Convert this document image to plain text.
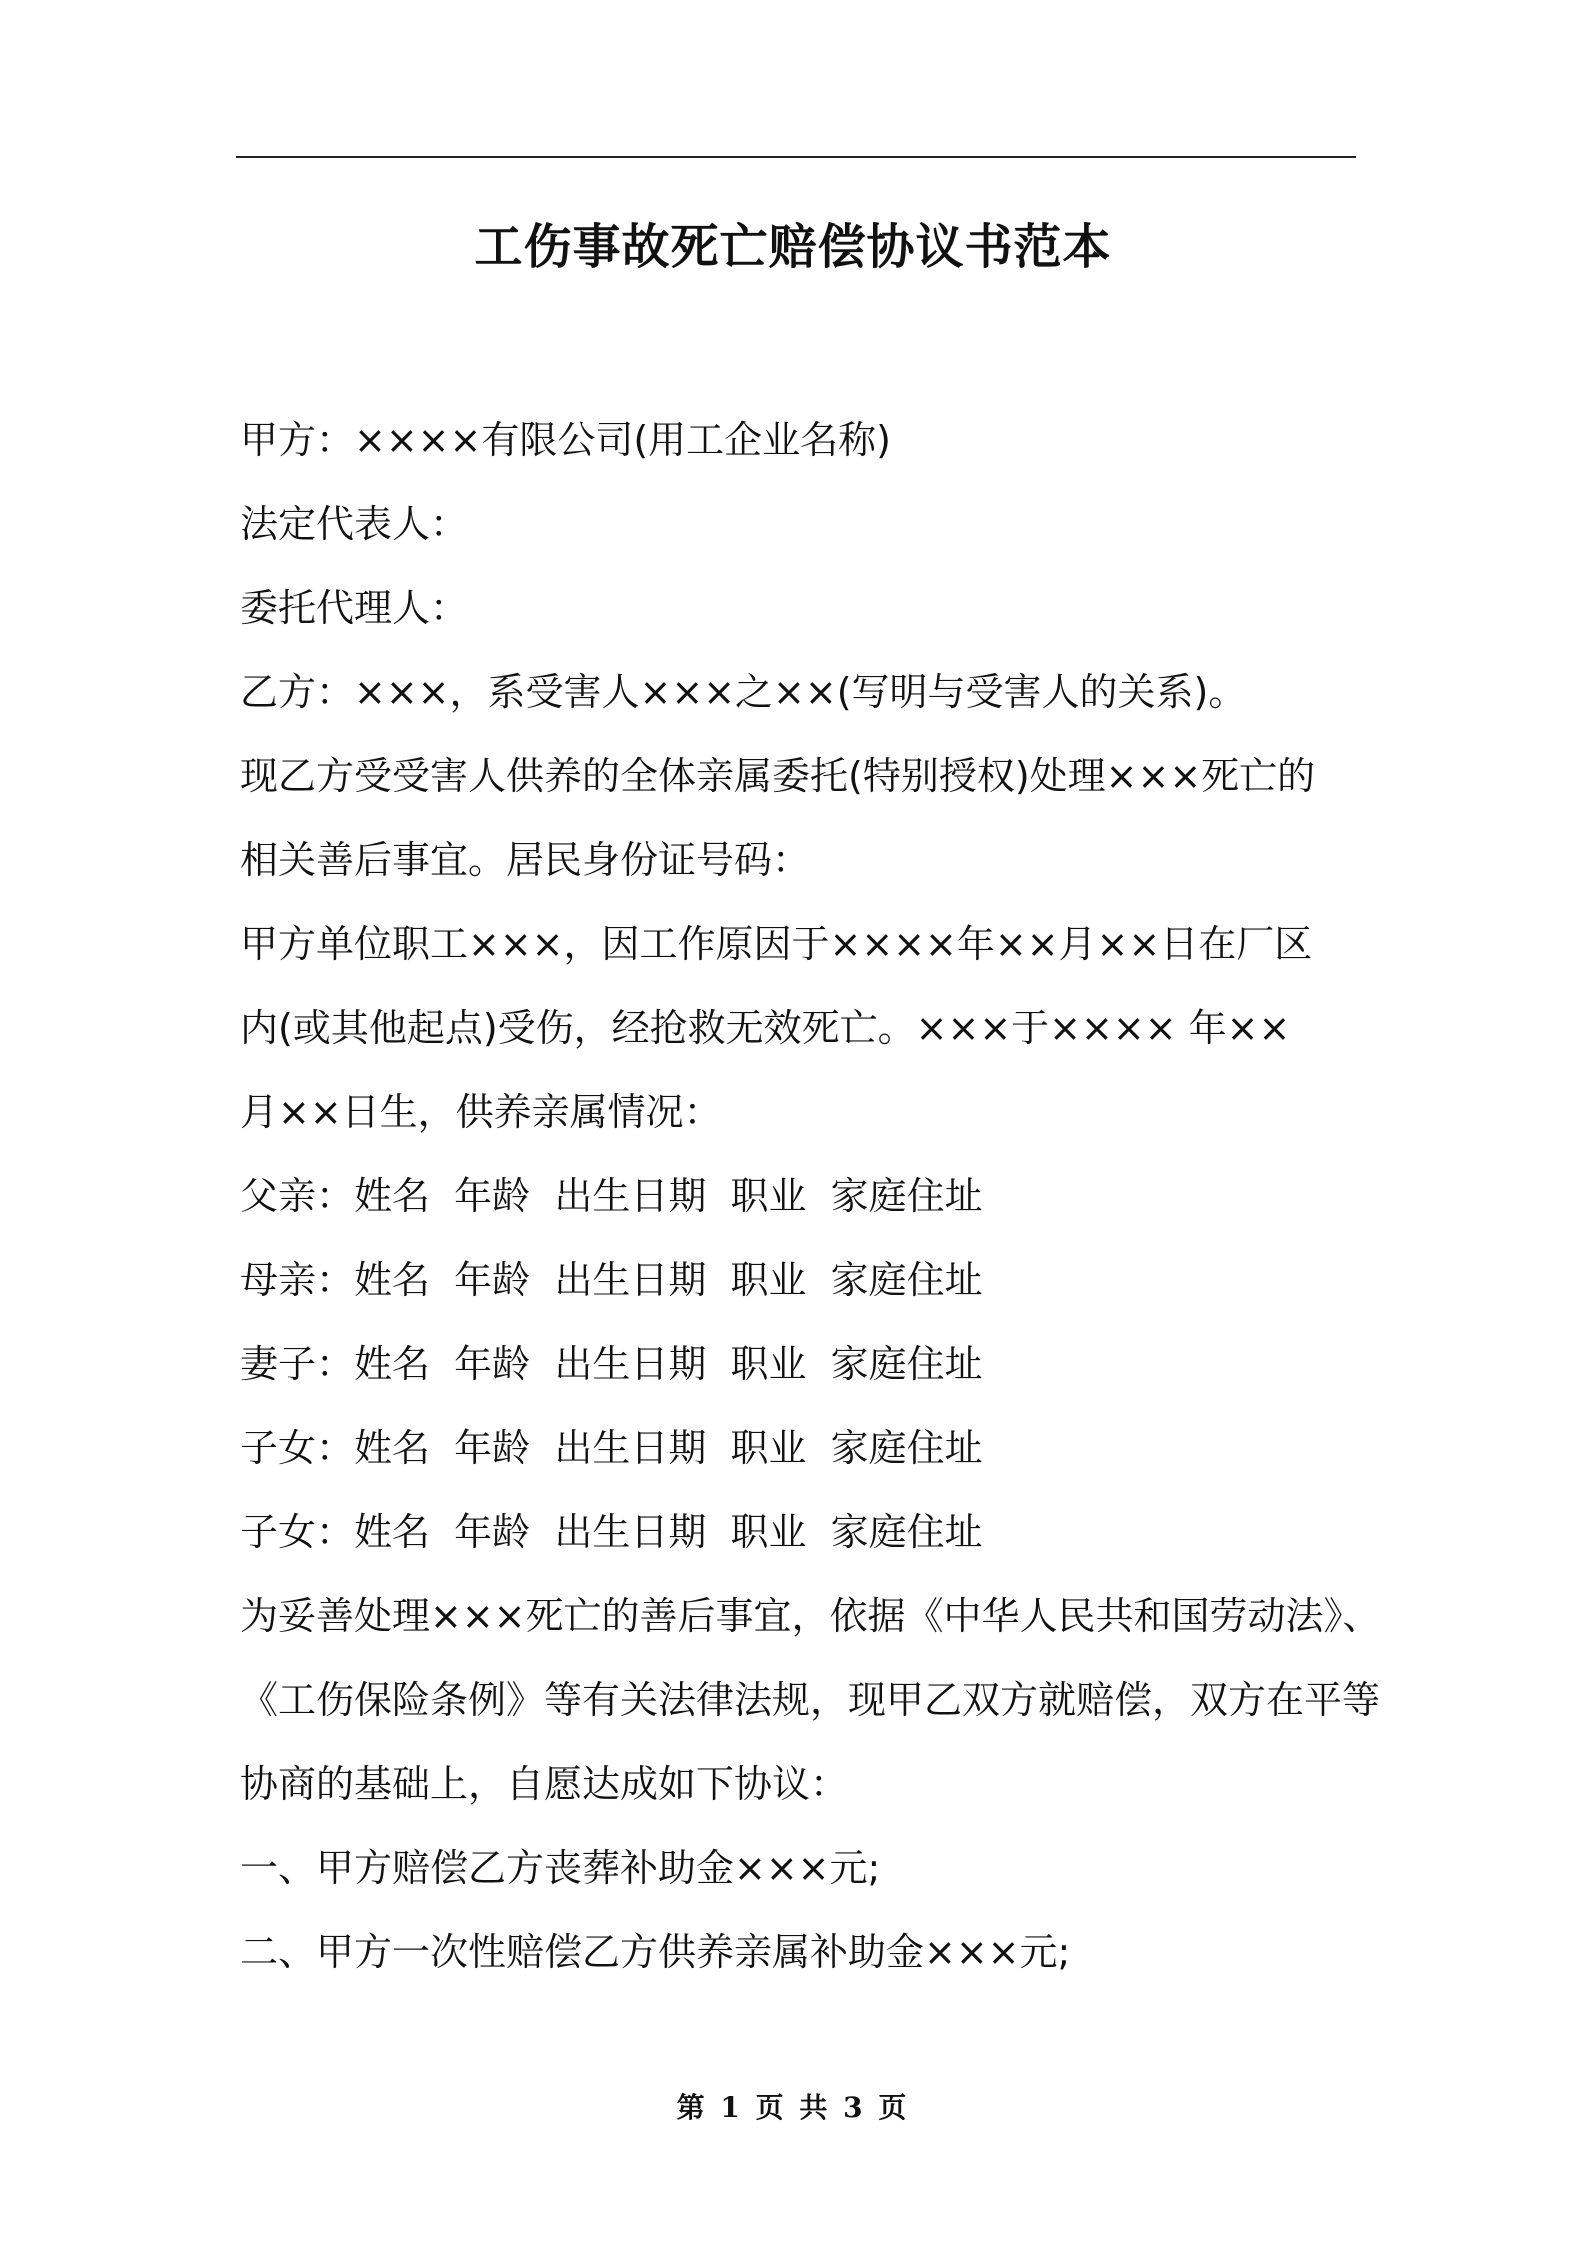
工伤事故死亡赔偿协议书范本
甲方：××××有限公司(用工企业名称)
法定代表人：
委托代理人：
乙方：×××，系受害人×××之××(写明与受害人的关系)。
现乙方受受害人供养的全体亲属委托(特别授权)处理×××死亡的
相关善后事宜。居民身份证号码：
甲方单位职工×××，因工作原因于××××年××月××日在厂区
内(或其他起点)受伤，经抢救无效死亡。×××于×××× 年××
月××日生，供养亲属情况：
父亲：姓名  年龄  出生日期  职业  家庭住址
母亲：姓名  年龄  出生日期  职业  家庭住址
妻子：姓名  年龄  出生日期  职业  家庭住址
子女：姓名  年龄  出生日期  职业  家庭住址
子女：姓名  年龄  出生日期  职业  家庭住址
为妥善处理×××死亡的善后事宜，依据《中华人民共和国劳动法》、
《工伤保险条例》等有关法律法规，现甲乙双方就赔偿，双方在平等
协商的基础上，自愿达成如下协议：
一、甲方赔偿乙方丧葬补助金×××元;
二、甲方一次性赔偿乙方供养亲属补助金×××元;
第 1 页 共 3 页
